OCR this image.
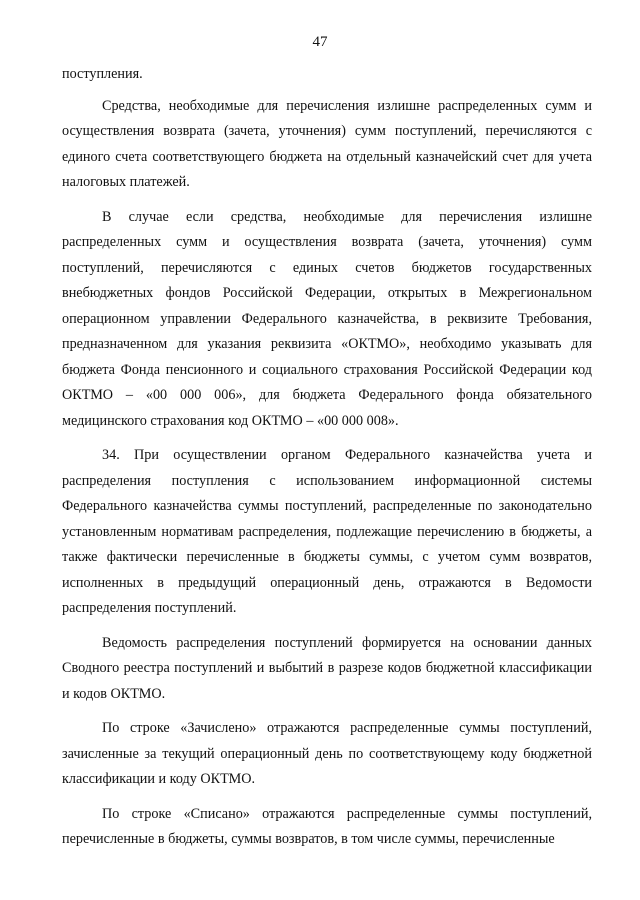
47

поступления.

Средства, необходимые для перечисления излишне распределенных сумм и осуществления возврата (зачета, уточнения) сумм поступлений, перечисляются с единого счета соответствующего бюджета на отдельный казначейский счет для учета налоговых платежей.

В случае если средства, необходимые для перечисления излишне распределенных сумм и осуществления возврата (зачета, уточнения) сумм поступлений, перечисляются с единых счетов бюджетов государственных внебюджетных фондов Российской Федерации, открытых в Межрегиональном операционном управлении Федерального казначейства, в реквизите Требования, предназначенном для указания реквизита «ОКТМО», необходимо указывать для бюджета Фонда пенсионного и социального страхования Российской Федерации код ОКТМО – «00 000 006», для бюджета Федерального фонда обязательного медицинского страхования код ОКТМО – «00 000 008».

34. При осуществлении органом Федерального казначейства учета и распределения поступления с использованием информационной системы Федерального казначейства суммы поступлений, распределенные по законодательно установленным нормативам распределения, подлежащие перечислению в бюджеты, а также фактически перечисленные в бюджеты суммы, с учетом сумм возвратов, исполненных в предыдущий операционный день, отражаются в Ведомости распределения поступлений.

Ведомость распределения поступлений формируется на основании данных Сводного реестра поступлений и выбытий в разрезе кодов бюджетной классификации и кодов ОКТМО.

По строке «Зачислено» отражаются распределенные суммы поступлений, зачисленные за текущий операционный день по соответствующему коду бюджетной классификации и коду ОКТМО.

По строке «Списано» отражаются распределенные суммы поступлений, перечисленные в бюджеты, суммы возвратов, в том числе суммы, перечисленные
